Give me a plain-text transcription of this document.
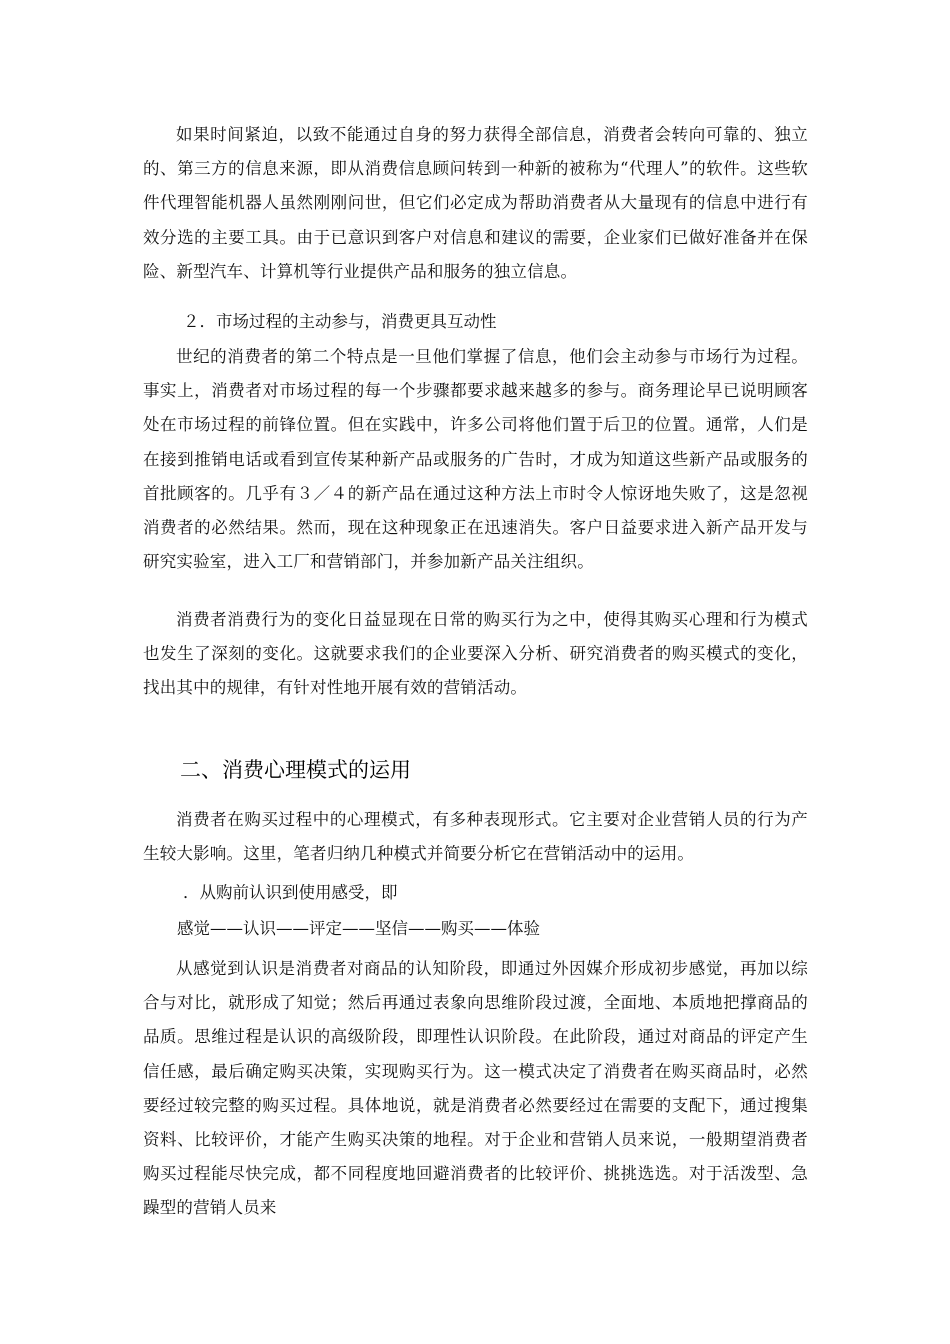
如果时间紧迫，以致不能通过自身的努力获得全部信息，消费者会转向可靠的、独立的、第三方的信息来源，即从消费信息顾问转到一种新的被称为“代理人”的软件。这些软件代理智能机器人虽然刚刚问世，但它们必定成为帮助消费者从大量现有的信息中进行有效分选的主要工具。由于已意识到客户对信息和建议的需要，企业家们已做好准备并在保险、新型汽车、计算机等行业提供产品和服务的独立信息。

２．市场过程的主动参与，消费更具互动性

世纪的消费者的第二个特点是一旦他们掌握了信息，他们会主动参与市场行为过程。事实上，消费者对市场过程的每一个步骤都要求越来越多的参与。商务理论早已说明顾客处在市场过程的前锋位置。但在实践中，许多公司将他们置于后卫的位置。通常，人们是在接到推销电话或看到宣传某种新产品或服务的广告时，才成为知道这些新产品或服务的首批顾客的。几乎有３／４的新产品在通过这种方法上市时令人惊讶地失败了，这是忽视消费者的必然结果。然而，现在这种现象正在迅速消失。客户日益要求进入新产品开发与研究实验室，进入工厂和营销部门，并参加新产品关注组织。

消费者消费行为的变化日益显现在日常的购买行为之中，使得其购买心理和行为模式也发生了深刻的变化。这就要求我们的企业要深入分析、研究消费者的购买模式的变化，找出其中的规律，有针对性地开展有效的营销活动。

二、消费心理模式的运用

消费者在购买过程中的心理模式，有多种表现形式。它主要对企业营销人员的行为产生较大影响。这里，笔者归纳几种模式并简要分析它在营销活动中的运用。

．从购前认识到使用感受，即

感觉——认识——评定——坚信——购买——体验

从感觉到认识是消费者对商品的认知阶段，即通过外因媒介形成初步感觉，再加以综合与对比，就形成了知觉；然后再通过表象向思维阶段过渡，全面地、本质地把撑商品的品质。思维过程是认识的高级阶段，即理性认识阶段。在此阶段，通过对商品的评定产生信任感，最后确定购买决策，实现购买行为。这一模式决定了消费者在购买商品时，必然要经过较完整的购买过程。具体地说，就是消费者必然要经过在需要的支配下，通过搜集资料、比较评价，才能产生购买决策的地程。对于企业和营销人员来说，一般期望消费者购买过程能尽快完成，都不同程度地回避消费者的比较评价、挑挑选选。对于活泼型、急躁型的营销人员来
